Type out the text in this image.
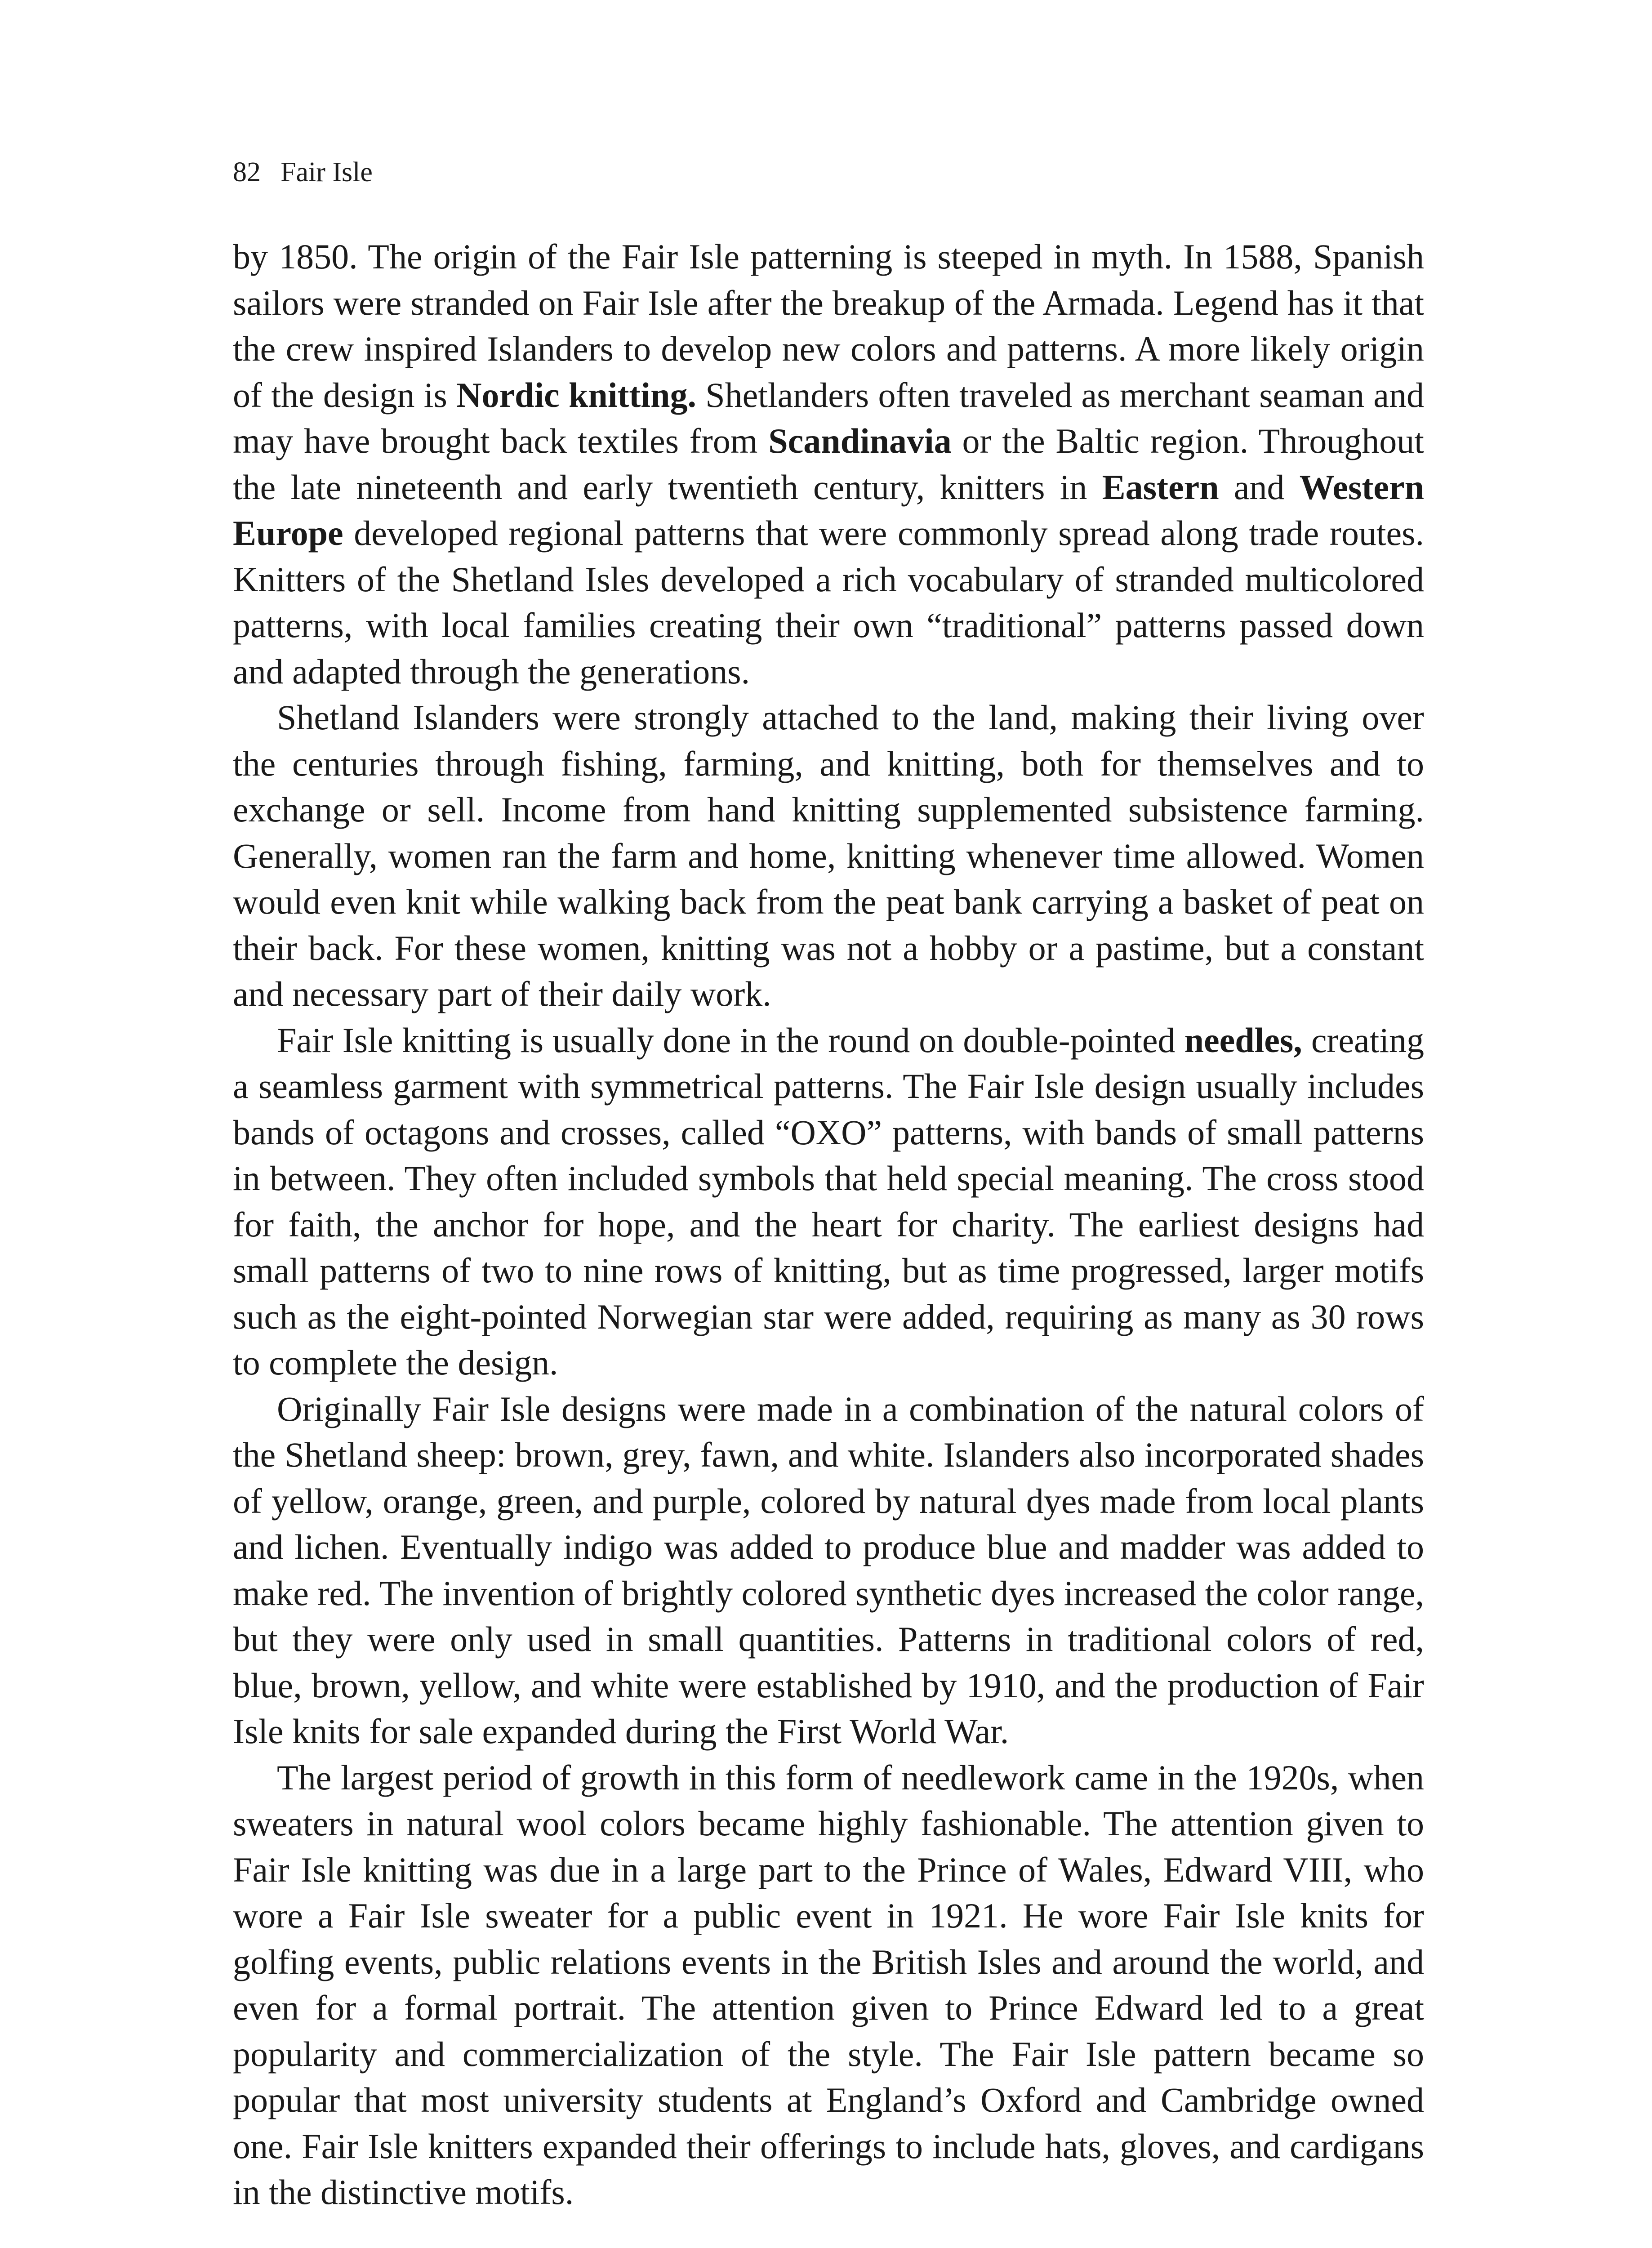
82 Fair Isle

by 1850. The origin of the Fair Isle patterning is steeped in myth. In 1588, Spanish sailors were stranded on Fair Isle after the breakup of the Armada. Legend has it that the crew inspired Islanders to develop new colors and patterns. A more likely origin of the design is Nordic knitting. Shetlanders often traveled as merchant seaman and may have brought back textiles from Scandinavia or the Baltic region. Throughout the late nineteenth and early twentieth century, knitters in Eastern and Western Europe developed regional patterns that were commonly spread along trade routes. Knitters of the Shetland Isles developed a rich vocabulary of stranded multicolored patterns, with local families creating their own “traditional” patterns passed down and adapted through the generations.

Shetland Islanders were strongly attached to the land, making their living over the centuries through fishing, farming, and knitting, both for themselves and to exchange or sell. Income from hand knitting supplemented subsistence farming. Generally, women ran the farm and home, knitting whenever time allowed. Women would even knit while walking back from the peat bank carrying a basket of peat on their back. For these women, knitting was not a hobby or a pastime, but a constant and necessary part of their daily work.

Fair Isle knitting is usually done in the round on double-pointed needles, creating a seamless garment with symmetrical patterns. The Fair Isle design usually includes bands of octagons and crosses, called “OXO” patterns, with bands of small patterns in between. They often included symbols that held special meaning. The cross stood for faith, the anchor for hope, and the heart for charity. The earliest designs had small patterns of two to nine rows of knitting, but as time progressed, larger motifs such as the eight-pointed Norwegian star were added, requiring as many as 30 rows to complete the design.

Originally Fair Isle designs were made in a combination of the natural colors of the Shetland sheep: brown, grey, fawn, and white. Islanders also incorporated shades of yellow, orange, green, and purple, colored by natural dyes made from local plants and lichen. Eventually indigo was added to produce blue and madder was added to make red. The invention of brightly colored synthetic dyes increased the color range, but they were only used in small quantities. Patterns in traditional colors of red, blue, brown, yellow, and white were established by 1910, and the production of Fair Isle knits for sale expanded during the First World War.

The largest period of growth in this form of needlework came in the 1920s, when sweaters in natural wool colors became highly fashionable. The attention given to Fair Isle knitting was due in a large part to the Prince of Wales, Edward VIII, who wore a Fair Isle sweater for a public event in 1921. He wore Fair Isle knits for golfing events, public relations events in the British Isles and around the world, and even for a formal portrait. The attention given to Prince Edward led to a great popularity and commercialization of the style. The Fair Isle pattern became so popular that most university students at England’s Oxford and Cambridge owned one. Fair Isle knitters expanded their offerings to include hats, gloves, and cardigans in the distinctive motifs.
